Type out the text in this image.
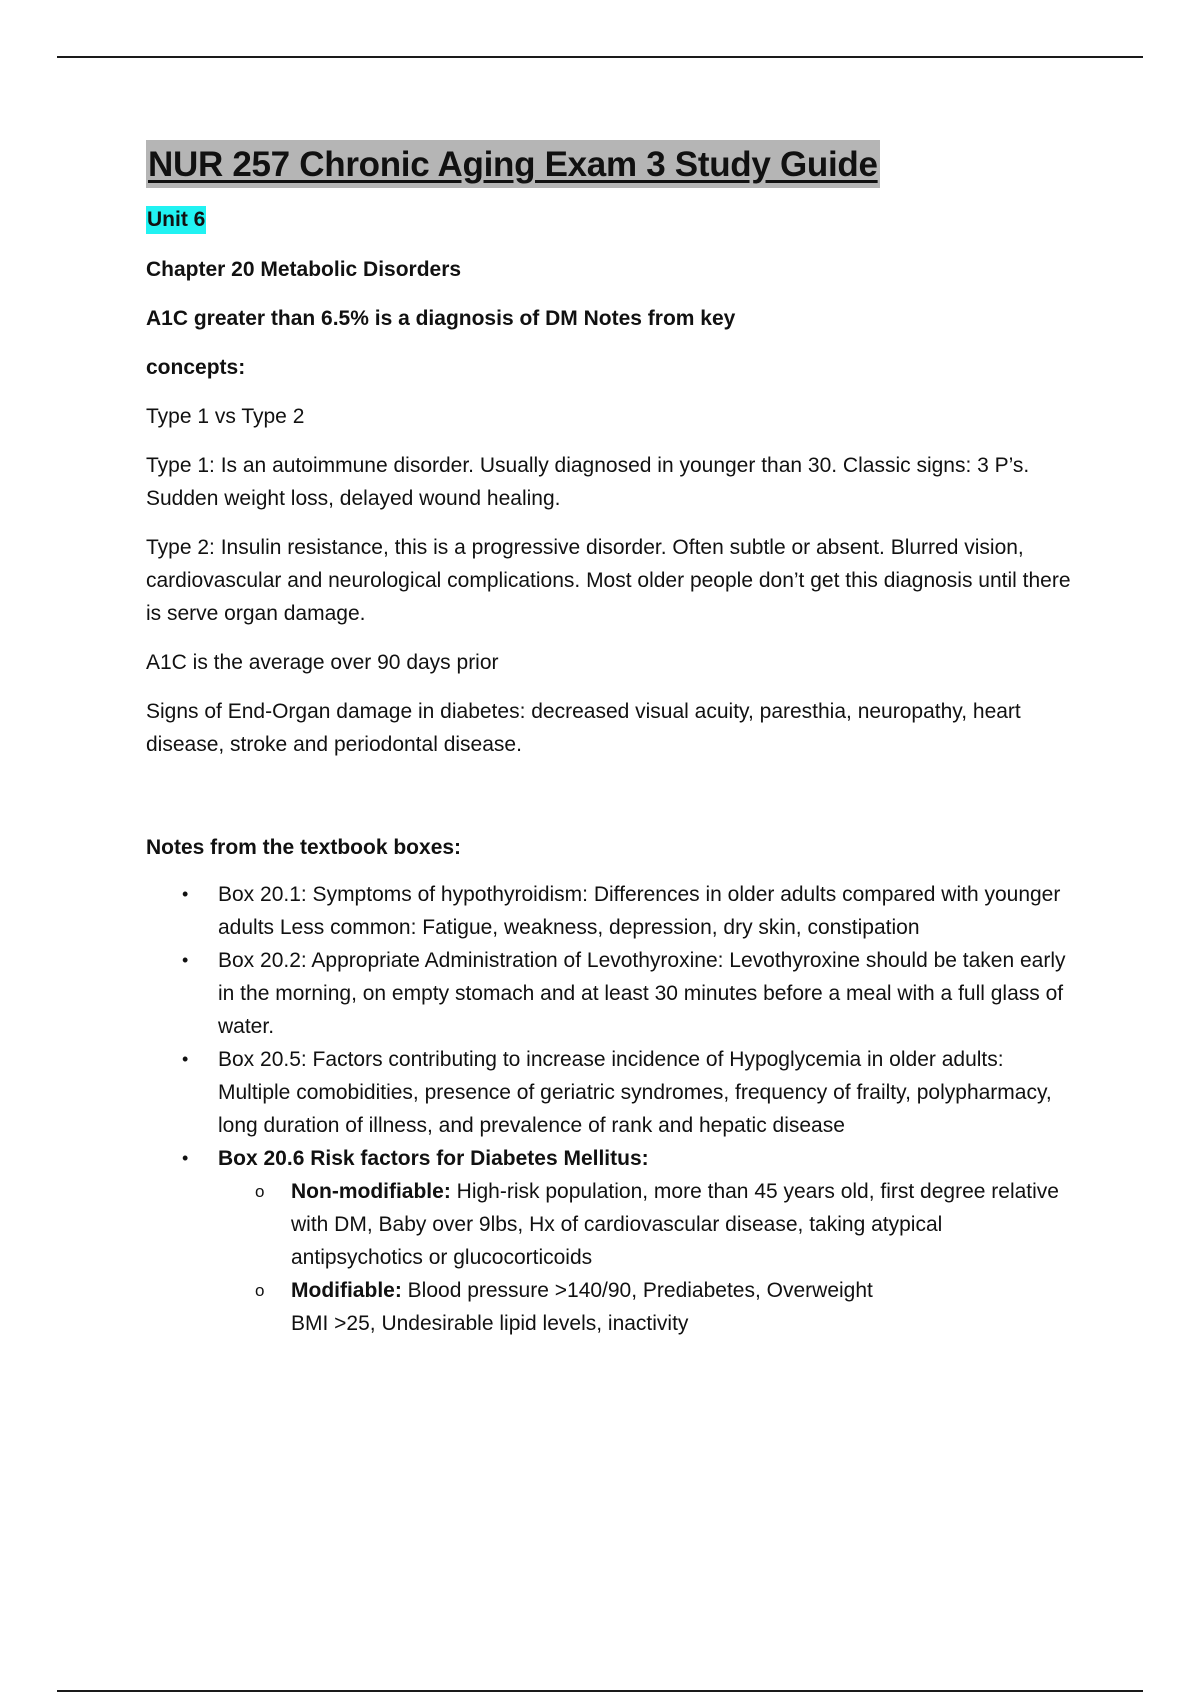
NUR 257 Chronic Aging Exam 3 Study Guide
Unit 6

Chapter 20 Metabolic Disorders

A1C greater than 6.5% is a diagnosis of DM Notes from key

concepts:

Type 1 vs Type 2

Type 1: Is an autoimmune disorder. Usually diagnosed in younger than 30. Classic signs: 3 P’s. Sudden weight loss, delayed wound healing.

Type 2: Insulin resistance, this is a progressive disorder. Often subtle or absent. Blurred vision, cardiovascular and neurological complications. Most older people don’t get this diagnosis until there is serve organ damage.

A1C is the average over 90 days prior

Signs of End-Organ damage in diabetes: decreased visual acuity, paresthia, neuropathy, heart disease, stroke and periodontal disease.

Notes from the textbook boxes:

• Box 20.1: Symptoms of hypothyroidism: Differences in older adults compared with younger adults Less common: Fatigue, weakness, depression, dry skin, constipation
• Box 20.2: Appropriate Administration of Levothyroxine: Levothyroxine should be taken early in the morning, on empty stomach and at least 30 minutes before a meal with a full glass of water.
• Box 20.5: Factors contributing to increase incidence of Hypoglycemia in older adults: Multiple comobidities, presence of geriatric syndromes, frequency of frailty, polypharmacy, long duration of illness, and prevalence of rank and hepatic disease
• Box 20.6 Risk factors for Diabetes Mellitus:
o Non-modifiable: High-risk population, more than 45 years old, first degree relative with DM, Baby over 9lbs, Hx of cardiovascular disease, taking atypical antipsychotics or glucocorticoids
o Modifiable: Blood pressure >140/90, Prediabetes, Overweight
BMI >25, Undesirable lipid levels, inactivity
